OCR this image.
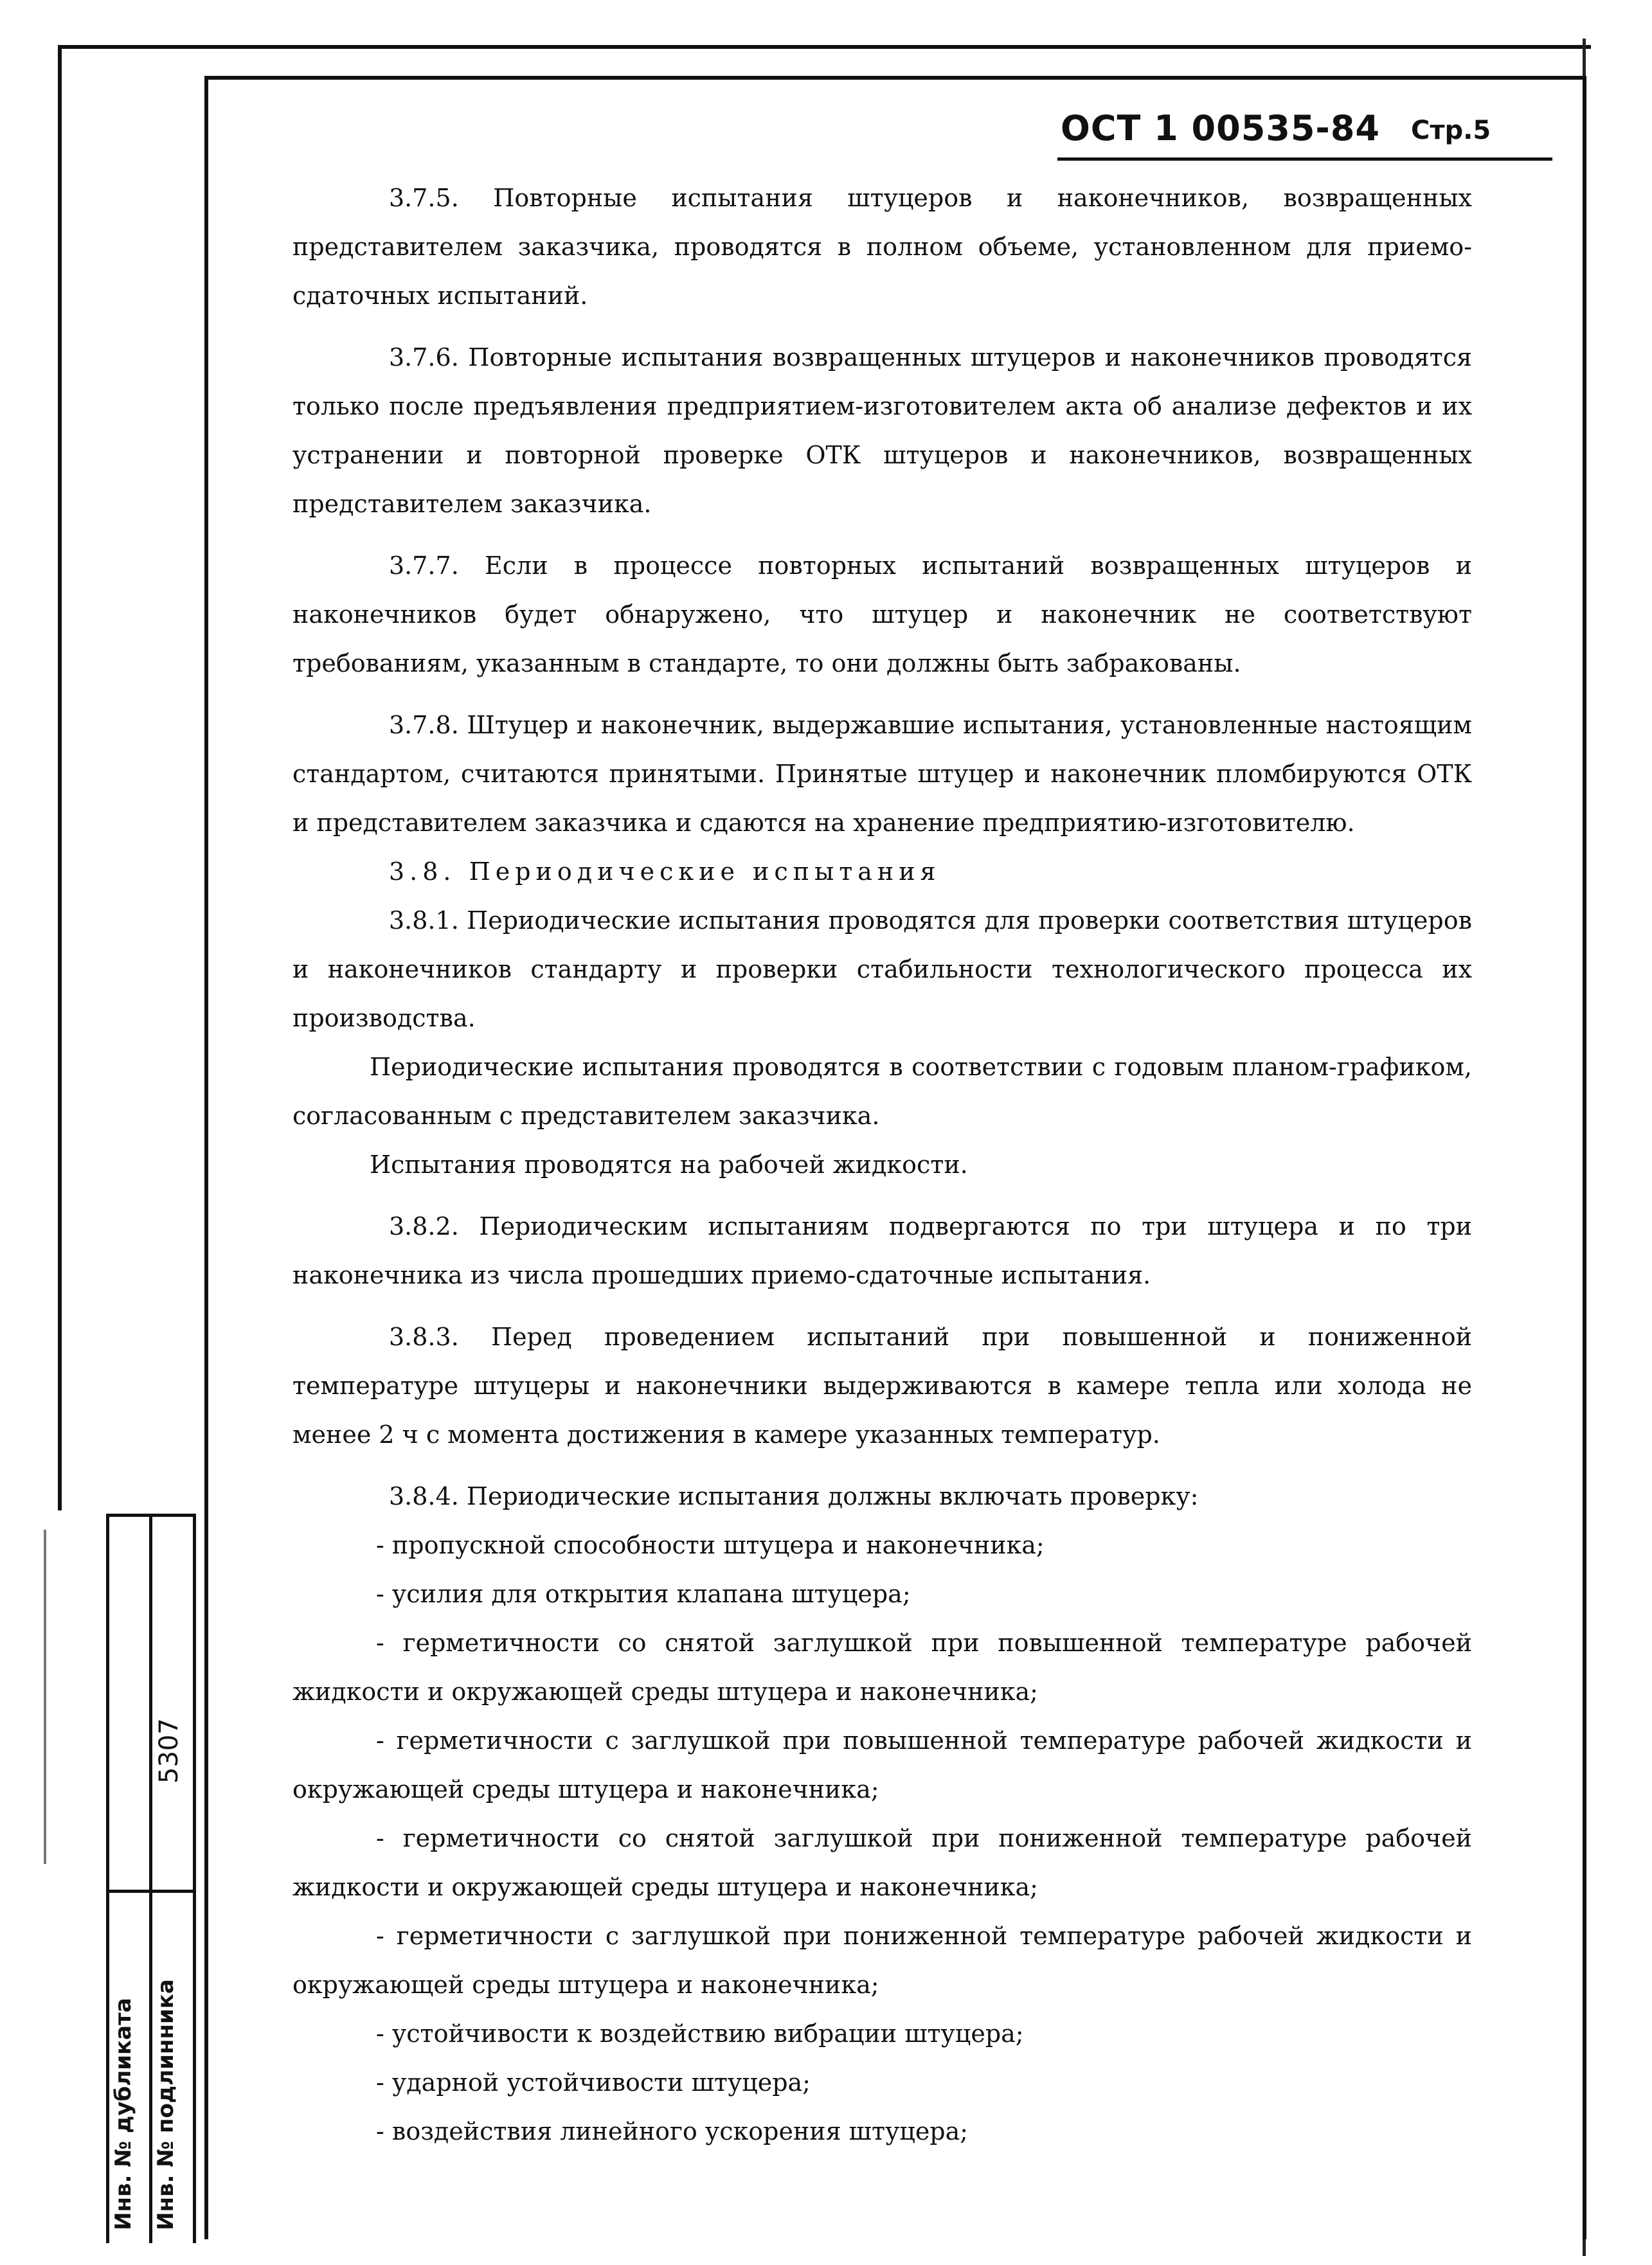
ОСТ 1 00535-84 Стр.5

3.7.5. Повторные испытания штуцеров и наконечников, возвращенных представителем заказчика, проводятся в полном объеме, установленном для приемо-сдаточных испытаний.

3.7.6. Повторные испытания возвращенных штуцеров и наконечников проводятся только после предъявления предприятием-изготовителем акта об анализе дефектов и их устранении и повторной проверке ОТК штуцеров и наконечников, возвращенных представителем заказчика.

3.7.7. Если в процессе повторных испытаний возвращенных штуцеров и наконечников будет обнаружено, что штуцер и наконечник не соответствуют требованиям, указанным в стандарте, то они должны быть забракованы.

3.7.8. Штуцер и наконечник, выдержавшие испытания, установленные настоящим стандартом, считаются принятыми. Принятые штуцер и наконечник пломбируются ОТК и представителем заказчика и сдаются на хранение предприятию-изготовителю.

3.8. Периодические испытания

3.8.1. Периодические испытания проводятся для проверки соответствия штуцеров и наконечников стандарту и проверки стабильности технологического процесса их производства.

Периодические испытания проводятся в соответствии с годовым планом-графиком, согласованным с представителем заказчика.

Испытания проводятся на рабочей жидкости.

3.8.2. Периодическим испытаниям подвергаются по три штуцера и по три наконечника из числа прошедших приемо-сдаточные испытания.

3.8.3. Перед проведением испытаний при повышенной и пониженной температуре штуцеры и наконечники выдерживаются в камере тепла или холода не менее 2 ч с момента достижения в камере указанных температур.

3.8.4. Периодические испытания должны включать проверку:

- пропускной способности штуцера и наконечника;

- усилия для открытия клапана штуцера;

- герметичности со снятой заглушкой при повышенной температуре рабочей жидкости и окружающей среды штуцера и наконечника;

- герметичности с заглушкой при повышенной температуре рабочей жидкости и окружающей среды штуцера и наконечника;

- герметичности со снятой заглушкой при пониженной температуре рабочей жидкости и окружающей среды штуцера и наконечника;

- герметичности с заглушкой при пониженной температуре рабочей жидкости и окружающей среды штуцера и наконечника;

- устойчивости к воздействию вибрации штуцера;

- ударной устойчивости штуцера;

- воздействия линейного ускорения штуцера;

5307
Инв. № дубликата Инв. № подлинника
